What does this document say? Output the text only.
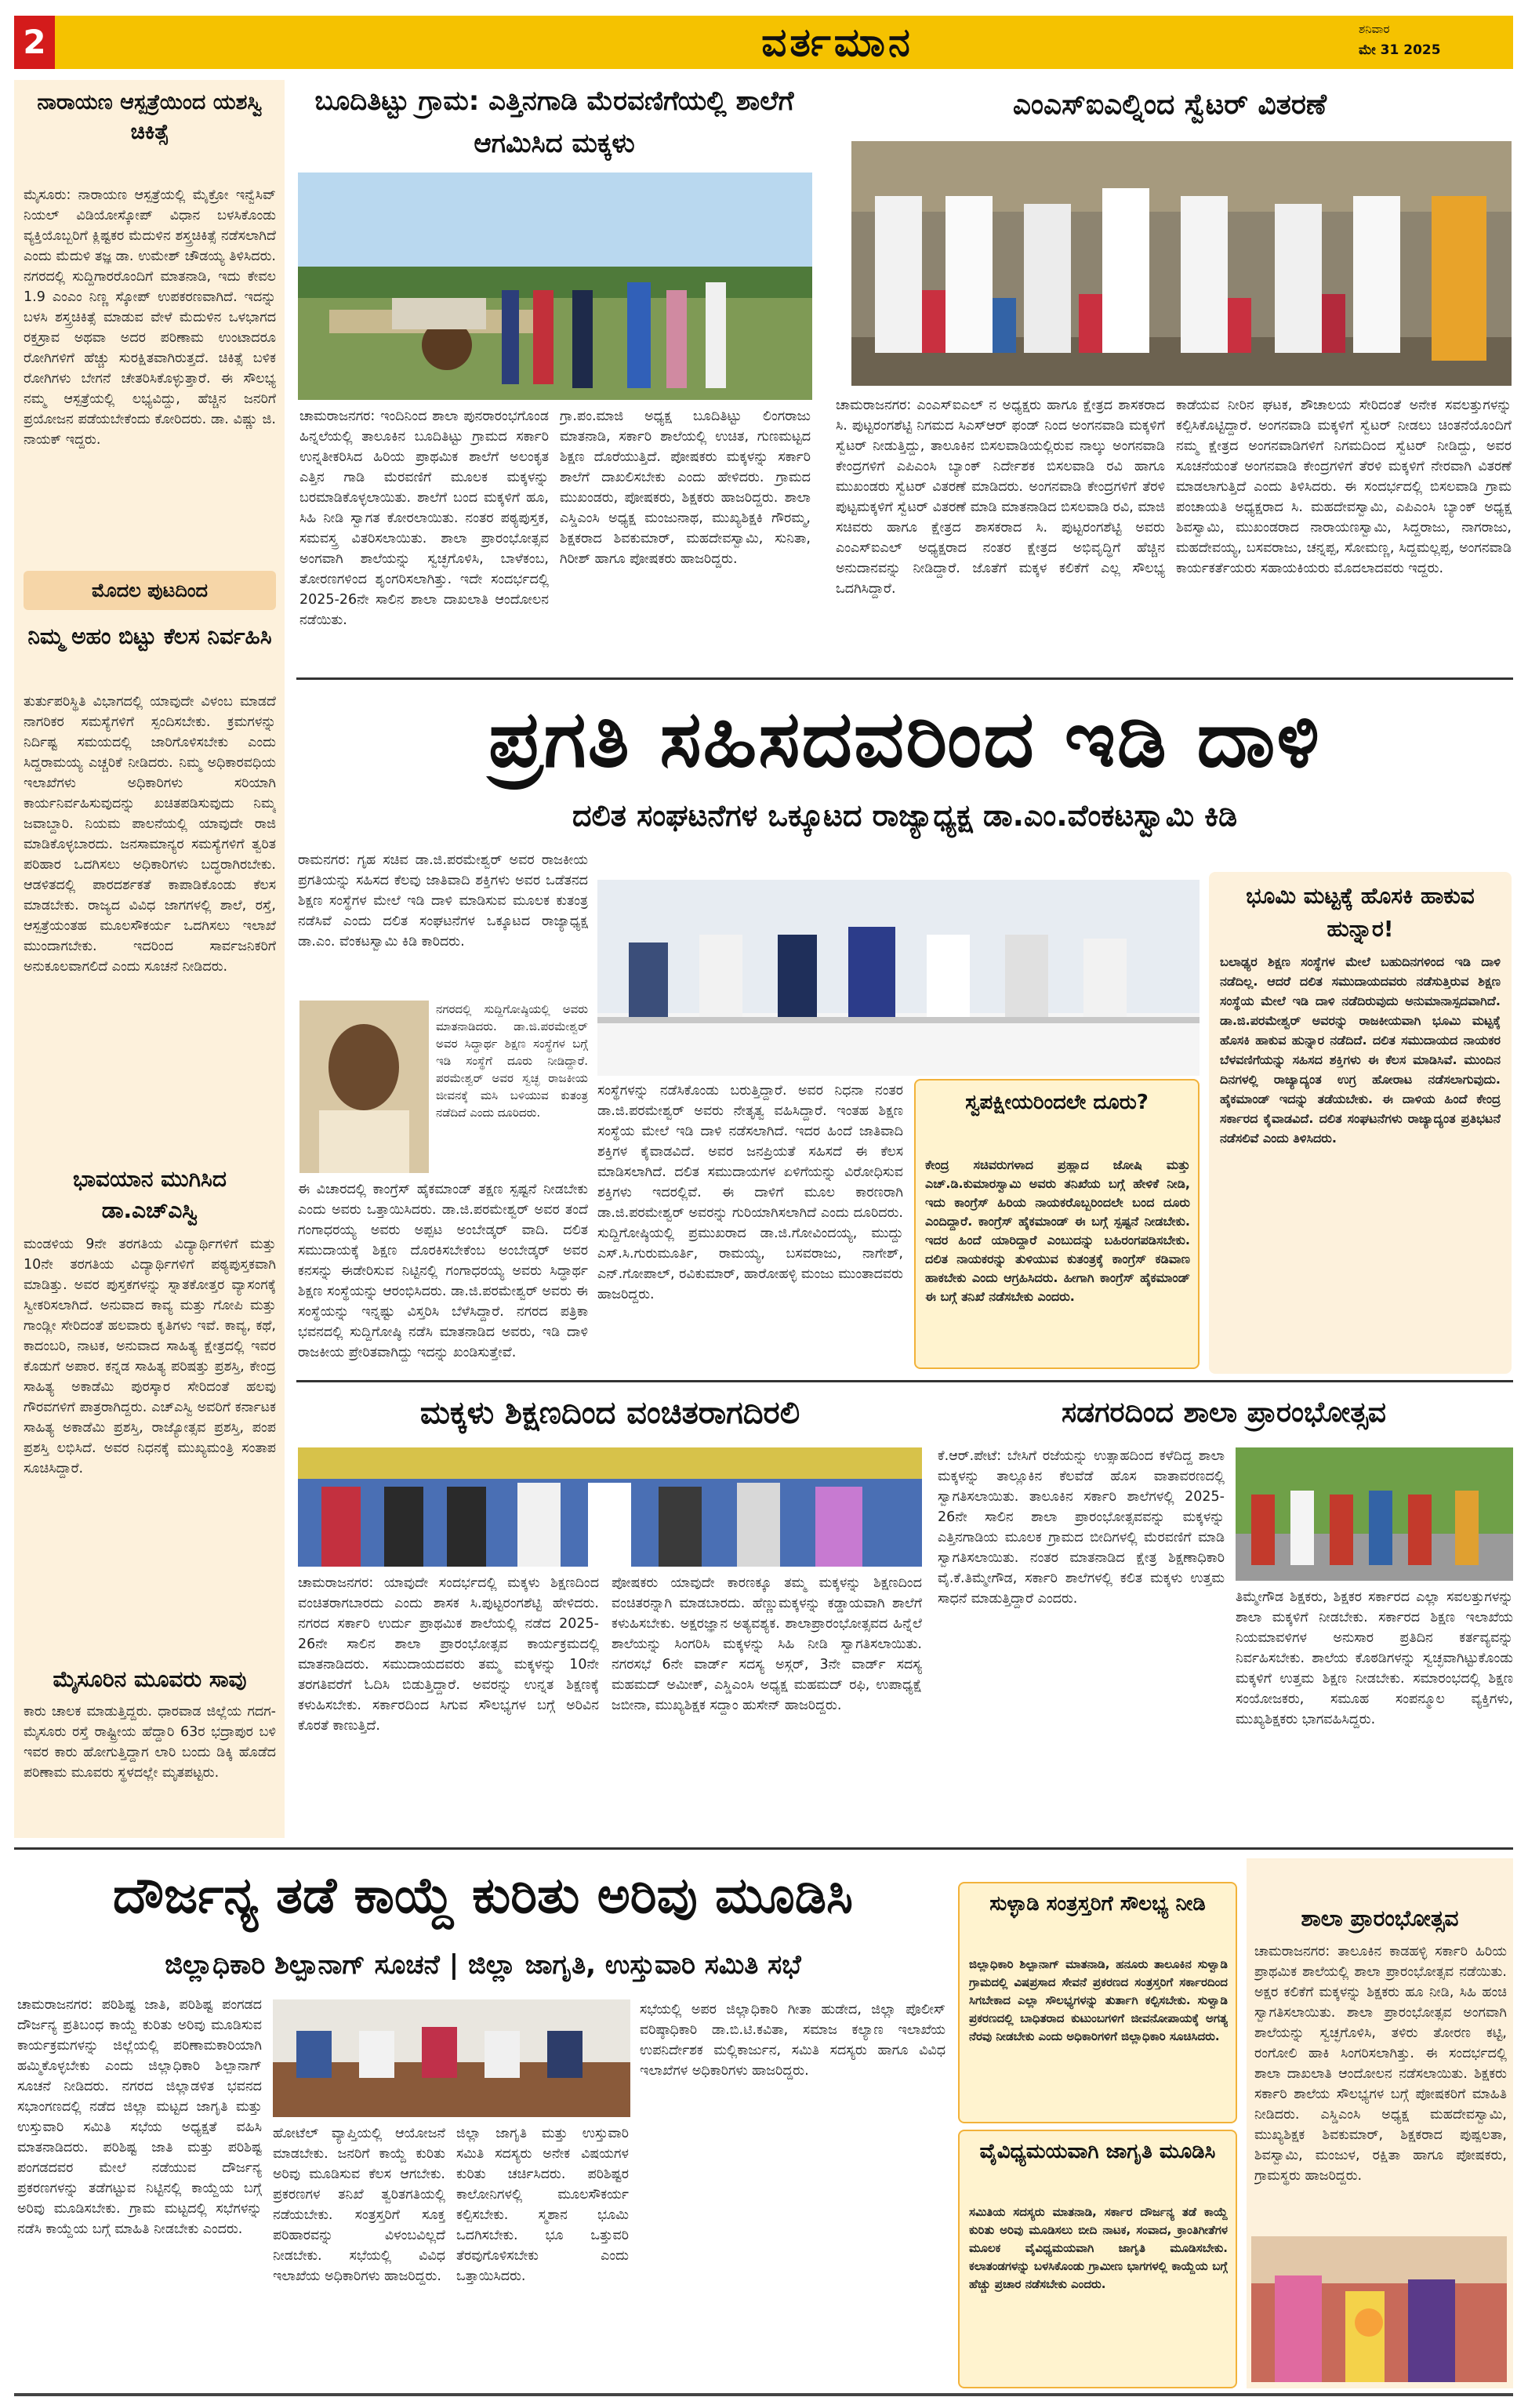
2	ವರ್ತಮಾನ	ಶನಿವಾರ
ಮೇ 31 2025
ನಾರಾಯಣ ಆಸ್ಪತ್ರೆಯಿಂದ ಯಶಸ್ವಿ ಚಿಕಿತ್ಸೆ
ಮೈಸೂರು: ನಾರಾಯಣ ಆಸ್ಪತ್ರೆಯಲ್ಲಿ ಮೈಕ್ರೋ ಇನ್ವೆಸಿವ್ ನಿಯಲ್ ವಿಡಿಯೋಸ್ಕೋಪ್ ವಿಧಾನ ಬಳಸಿಕೊಂಡು ವ್ಯಕ್ತಿಯೊಬ್ಬರಿಗೆ ಕ್ಲಿಷ್ಟಕರ ಮೆದುಳಿನ ಶಸ್ತ್ರಚಿಕಿತ್ಸೆ ನಡೆಸಲಾಗಿದೆ ಎಂದು ಮೆದುಳಿ ತಜ್ಞ ಡಾ. ಉಮೇಶ್ ಚೌಡಯ್ಯ ತಿಳಿಸಿದರು. ನಗರದಲ್ಲಿ ಸುದ್ದಿಗಾರರೊಂದಿಗೆ ಮಾತನಾಡಿ, ಇದು ಕೇವಲ 1.9 ಎಂಎಂ ನಿಣ್ಣ ಸ್ಕೋಪ್ ಉಪಕರಣವಾಗಿದೆ. ಇದನ್ನು ಬಳಸಿ ಶಸ್ತ್ರಚಿಕಿತ್ಸೆ ಮಾಡುವ ವೇಳೆ ಮೆದುಳಿನ ಒಳಭಾಗದ ರಕ್ತಸ್ರಾವ ಅಥವಾ ಅದರ ಪರಿಣಾಮ ಉಂಟಾದರೂ ರೋಗಿಗಳಿಗೆ ಹೆಚ್ಚು ಸುರಕ್ಷಿತವಾಗಿರುತ್ತದೆ. ಚಿಕಿತ್ಸೆ ಬಳಿಕ ರೋಗಿಗಳು ಬೇಗನೆ ಚೇತರಿಸಿಕೊಳ್ಳುತ್ತಾರೆ. ಈ ಸೌಲಭ್ಯ ನಮ್ಮ ಆಸ್ಪತ್ರೆಯಲ್ಲಿ ಲಭ್ಯವಿದ್ದು, ಹೆಚ್ಚಿನ ಜನರಿಗೆ ಪ್ರಯೋಜನ ಪಡೆಯಬೇಕೆಂದು ಕೋರಿದರು. ಡಾ. ವಿಷ್ಣು ಜಿ. ನಾಯಕ್ ಇದ್ದರು.
ಮೊದಲ ಪುಟದಿಂದ
ನಿಮ್ಮ ಅಹಂ ಬಿಟ್ಟು ಕೆಲಸ ನಿರ್ವಹಿಸಿ
ತುರ್ತುಪರಿಸ್ಥಿತಿ ವಿಭಾಗದಲ್ಲಿ ಯಾವುದೇ ವಿಳಂಬ ಮಾಡದೆ ನಾಗರಿಕರ ಸಮಸ್ಯೆಗಳಿಗೆ ಸ್ಪಂದಿಸಬೇಕು. ಕ್ರಮಗಳನ್ನು ನಿರ್ದಿಷ್ಟ ಸಮಯದಲ್ಲಿ ಜಾರಿಗೊಳಿಸಬೇಕು ಎಂದು ಸಿದ್ದರಾಮಯ್ಯ ಎಚ್ಚರಿಕೆ ನೀಡಿದರು. ನಿಮ್ಮ ಅಧಿಕಾರವಧಿಯ ಇಲಾಖೆಗಳು ಅಧಿಕಾರಿಗಳು ಸರಿಯಾಗಿ ಕಾರ್ಯನಿರ್ವಹಿಸುವುದನ್ನು ಖಚಿತಪಡಿಸುವುದು ನಿಮ್ಮ ಜವಾಬ್ದಾರಿ. ನಿಯಮ ಪಾಲನೆಯಲ್ಲಿ ಯಾವುದೇ ರಾಜಿ ಮಾಡಿಕೊಳ್ಳಬಾರದು. ಜನಸಾಮಾನ್ಯರ ಸಮಸ್ಯೆಗಳಿಗೆ ತ್ವರಿತ ಪರಿಹಾರ ಒದಗಿಸಲು ಅಧಿಕಾರಿಗಳು ಬದ್ಧರಾಗಿರಬೇಕು. ಆಡಳಿತದಲ್ಲಿ ಪಾರದರ್ಶಕತೆ ಕಾಪಾಡಿಕೊಂಡು ಕೆಲಸ ಮಾಡಬೇಕು. ರಾಜ್ಯದ ವಿವಿಧ ಜಾಗಗಳಲ್ಲಿ ಶಾಲೆ, ರಸ್ತೆ, ಆಸ್ಪತ್ರೆಯಂತಹ ಮೂಲಸೌಕರ್ಯ ಒದಗಿಸಲು ಇಲಾಖೆ ಮುಂದಾಗಬೇಕು. ಇದರಿಂದ ಸಾರ್ವಜನಿಕರಿಗೆ ಅನುಕೂಲವಾಗಲಿದೆ ಎಂದು ಸೂಚನೆ ನೀಡಿದರು.
ಭಾವಯಾನ ಮುಗಿಸಿದ ಡಾ.ಎಚ್ಎಸ್ವಿ
ಮಂಡಳಿಯ 9ನೇ ತರಗತಿಯ ವಿದ್ಯಾರ್ಥಿಗಳಿಗೆ ಮತ್ತು 10ನೇ ತರಗತಿಯ ವಿದ್ಯಾರ್ಥಿಗಳಿಗೆ ಪಠ್ಯಪುಸ್ತಕವಾಗಿ ಮಾಡಿತ್ತು. ಅವರ ಪುಸ್ತಕಗಳನ್ನು ಸ್ನಾತಕೋತ್ತರ ವ್ಯಾಸಂಗಕ್ಕೆ ಸ್ವೀಕರಿಸಲಾಗಿದೆ. ಅನುವಾದ ಕಾವ್ಯ ಮತ್ತು ಗೋಪಿ ಮತ್ತು ಗಾಂಡ್ಲೀ ಸೇರಿದಂತೆ ಹಲವಾರು ಕೃತಿಗಳು ಇವೆ. ಕಾವ್ಯ, ಕಥೆ, ಕಾದಂಬರಿ, ನಾಟಕ, ಅನುವಾದ ಸಾಹಿತ್ಯ ಕ್ಷೇತ್ರದಲ್ಲಿ ಇವರ ಕೊಡುಗೆ ಅಪಾರ. ಕನ್ನಡ ಸಾಹಿತ್ಯ ಪರಿಷತ್ತು ಪ್ರಶಸ್ತಿ, ಕೇಂದ್ರ ಸಾಹಿತ್ಯ ಅಕಾಡೆಮಿ ಪುರಸ್ಕಾರ ಸೇರಿದಂತೆ ಹಲವು ಗೌರವಗಳಿಗೆ ಪಾತ್ರರಾಗಿದ್ದರು. ಎಚ್ಎಸ್ವಿ ಅವರಿಗೆ ಕರ್ನಾಟಕ ಸಾಹಿತ್ಯ ಅಕಾಡೆಮಿ ಪ್ರಶಸ್ತಿ, ರಾಜ್ಯೋತ್ಸವ ಪ್ರಶಸ್ತಿ, ಪಂಪ ಪ್ರಶಸ್ತಿ ಲಭಿಸಿದೆ. ಅವರ ನಿಧನಕ್ಕೆ ಮುಖ್ಯಮಂತ್ರಿ ಸಂತಾಪ ಸೂಚಿಸಿದ್ದಾರೆ.
ಮೈಸೂರಿನ ಮೂವರು ಸಾವು
ಕಾರು ಚಾಲಕ ಮಾಡುತ್ತಿದ್ದರು. ಧಾರವಾಡ ಜಿಲ್ಲೆಯ ಗದಗ-ಮೈಸೂರು ರಸ್ತೆ ರಾಷ್ಟ್ರೀಯ ಹೆದ್ದಾರಿ 63ರ ಭದ್ರಾಪುರ ಬಳಿ ಇವರ ಕಾರು ಹೋಗುತ್ತಿದ್ದಾಗ ಲಾರಿ ಬಂದು ಡಿಕ್ಕಿ ಹೊಡೆದ ಪರಿಣಾಮ ಮೂವರು ಸ್ಥಳದಲ್ಲೇ ಮೃತಪಟ್ಟರು.
ಬೂದಿತಿಟ್ಟು ಗ್ರಾಮ: ಎತ್ತಿನಗಾಡಿ ಮೆರವಣಿಗೆಯಲ್ಲಿ ಶಾಲೆಗೆ ಆಗಮಿಸಿದ ಮಕ್ಕಳು
ಚಾಮರಾಜನಗರ: ಇಂದಿನಿಂದ ಶಾಲಾ ಪುನರಾರಂಭಗೊಂಡ ಹಿನ್ನಲೆಯಲ್ಲಿ ತಾಲೂಕಿನ ಬೂದಿತಿಟ್ಟು ಗ್ರಾಮದ ಸರ್ಕಾರಿ ಉನ್ನತೀಕರಿಸಿದ ಹಿರಿಯ ಪ್ರಾಥಮಿಕ ಶಾಲೆಗೆ ಅಲಂಕೃತ ಎತ್ತಿನ ಗಾಡಿ ಮೆರವಣಿಗೆ ಮೂಲಕ ಮಕ್ಕಳನ್ನು ಬರಮಾಡಿಕೊಳ್ಳಲಾಯಿತು. ಶಾಲೆಗೆ ಬಂದ ಮಕ್ಕಳಿಗೆ ಹೂ, ಸಿಹಿ ನೀಡಿ ಸ್ವಾಗತ ಕೋರಲಾಯಿತು. ನಂತರ ಪಠ್ಯಪುಸ್ತಕ, ಸಮವಸ್ತ್ರ ವಿತರಿಸಲಾಯಿತು. ಶಾಲಾ ಪ್ರಾರಂಭೋತ್ಸವ ಅಂಗವಾಗಿ ಶಾಲೆಯನ್ನು ಸ್ವಚ್ಛಗೊಳಿಸಿ, ಬಾಳೆಕಂಬ, ತೋರಣಗಳಿಂದ ಶೃಂಗರಿಸಲಾಗಿತ್ತು. ಇದೇ ಸಂದರ್ಭದಲ್ಲಿ 2025-26ನೇ ಸಾಲಿನ ಶಾಲಾ ದಾಖಲಾತಿ ಆಂದೋಲನ ನಡೆಯಿತು.
ಗ್ರಾ.ಪಂ.ಮಾಜಿ ಅಧ್ಯಕ್ಷ ಬೂದಿತಿಟ್ಟು ಲಿಂಗರಾಜು ಮಾತನಾಡಿ, ಸರ್ಕಾರಿ ಶಾಲೆಯಲ್ಲಿ ಉಚಿತ, ಗುಣಮಟ್ಟದ ಶಿಕ್ಷಣ ದೊರೆಯುತ್ತಿದೆ. ಪೋಷಕರು ಮಕ್ಕಳನ್ನು ಸರ್ಕಾರಿ ಶಾಲೆಗೆ ದಾಖಲಿಸಬೇಕು ಎಂದು ಹೇಳಿದರು. ಗ್ರಾಮದ ಮುಖಂಡರು, ಪೋಷಕರು, ಶಿಕ್ಷಕರು ಹಾಜರಿದ್ದರು. ಶಾಲಾ ಎಸ್ಡಿಎಂಸಿ ಅಧ್ಯಕ್ಷ ಮಂಜುನಾಥ, ಮುಖ್ಯಶಿಕ್ಷಕಿ ಗೌರಮ್ಮ, ಶಿಕ್ಷಕರಾದ ಶಿವಕುಮಾರ್, ಮಹದೇವಸ್ವಾಮಿ, ಸುನಿತಾ, ಗಿರೀಶ್ ಹಾಗೂ ಪೋಷಕರು ಹಾಜರಿದ್ದರು.
ಎಂಎಸ್ಐಎಲ್ನಿಂದ ಸ್ವೆಟರ್ ವಿತರಣೆ
ಚಾಮರಾಜನಗರ: ಎಂಎಸ್ಐಎಲ್ ನ ಅಧ್ಯಕ್ಷರು ಹಾಗೂ ಕ್ಷೇತ್ರದ ಶಾಸಕರಾದ ಸಿ. ಪುಟ್ಟರಂಗಶೆಟ್ಟಿ ನಿಗಮದ ಸಿಎಸ್ಆರ್ ಫಂಡ್ ನಿಂದ ಅಂಗನವಾಡಿ ಮಕ್ಕಳಿಗೆ ಸ್ವೆಟರ್ ನೀಡುತ್ತಿದ್ದು, ತಾಲೂಕಿನ ಬಿಸಲವಾಡಿಯಲ್ಲಿರುವ ನಾಲ್ಕು ಅಂಗನವಾಡಿ ಕೇಂದ್ರಗಳಿಗೆ ಎಪಿಎಂಸಿ ಬ್ಯಾಂಕ್ ನಿರ್ದೇಶಕ ಬಿಸಲವಾಡಿ ರವಿ ಹಾಗೂ ಮುಖಂಡರು ಸ್ವೆಟರ್ ವಿತರಣೆ ಮಾಡಿದರು. ಅಂಗನವಾಡಿ ಕೇಂದ್ರಗಳಿಗೆ ತೆರಳಿ ಪುಟ್ಟಮಕ್ಕಳಿಗೆ ಸ್ವೆಟರ್ ವಿತರಣೆ ಮಾಡಿ ಮಾತನಾಡಿದ ಬಿಸಲವಾಡಿ ರವಿ, ಮಾಜಿ ಸಚಿವರು ಹಾಗೂ ಕ್ಷೇತ್ರದ ಶಾಸಕರಾದ ಸಿ. ಪುಟ್ಟರಂಗಶೆಟ್ಟಿ ಅವರು ಎಂಎಸ್ಐಎಲ್ ಅಧ್ಯಕ್ಷರಾದ ನಂತರ ಕ್ಷೇತ್ರದ ಅಭಿವೃದ್ಧಿಗೆ ಹೆಚ್ಚಿನ ಅನುದಾನವನ್ನು ನೀಡಿದ್ದಾರೆ. ಜೊತೆಗೆ ಮಕ್ಕಳ ಕಲಿಕೆಗೆ ಎಲ್ಲ ಸೌಲಭ್ಯ ಒದಗಿಸಿದ್ದಾರೆ.
ಕಾಡೆಯವ ನೀರಿನ ಘಟಕ, ಶೌಚಾಲಯ ಸೇರಿದಂತೆ ಅನೇಕ ಸವಲತ್ತುಗಳನ್ನು ಕಲ್ಪಿಸಿಕೊಟ್ಟಿದ್ದಾರೆ. ಅಂಗನವಾಡಿ ಮಕ್ಕಳಿಗೆ ಸ್ವೆಟರ್ ನೀಡಲು ಚಿಂತನೆಯೊಂದಿಗೆ ನಮ್ಮ ಕ್ಷೇತ್ರದ ಅಂಗನವಾಡಿಗಳಿಗೆ ನಿಗಮದಿಂದ ಸ್ವೆಟರ್ ನೀಡಿದ್ದು, ಅವರ ಸೂಚನೆಯಂತೆ ಅಂಗನವಾಡಿ ಕೇಂದ್ರಗಳಿಗೆ ತೆರಳಿ ಮಕ್ಕಳಿಗೆ ನೇರವಾಗಿ ವಿತರಣೆ ಮಾಡಲಾಗುತ್ತಿದೆ ಎಂದು ತಿಳಿಸಿದರು. ಈ ಸಂದರ್ಭದಲ್ಲಿ ಬಿಸಲವಾಡಿ ಗ್ರಾಮ ಪಂಚಾಯತಿ ಅಧ್ಯಕ್ಷರಾದ ಸಿ. ಮಹದೇವಸ್ವಾಮಿ, ಎಪಿಎಂಸಿ ಬ್ಯಾಂಕ್ ಅಧ್ಯಕ್ಷ ಶಿವಸ್ವಾಮಿ, ಮುಖಂಡರಾದ ನಾರಾಯಣಸ್ವಾಮಿ, ಸಿದ್ದರಾಜು, ನಾಗರಾಜು, ಮಹದೇವಯ್ಯ, ಬಸವರಾಜು, ಚನ್ನಪ್ಪ, ಸೋಮಣ್ಣ, ಸಿದ್ದಮಲ್ಲಪ್ಪ, ಅಂಗನವಾಡಿ ಕಾರ್ಯಕರ್ತೆಯರು ಸಹಾಯಕಿಯರು ಮೊದಲಾದವರು ಇದ್ದರು.
ಪ್ರಗತಿ ಸಹಿಸದವರಿಂದ ಇಡಿ ದಾಳಿ
ದಲಿತ ಸಂಘಟನೆಗಳ ಒಕ್ಕೂಟದ ರಾಜ್ಯಾಧ್ಯಕ್ಷ ಡಾ.ಎಂ.ವೆಂಕಟಸ್ವಾಮಿ ಕಿಡಿ
ರಾಮನಗರ: ಗೃಹ ಸಚಿವ ಡಾ.ಜಿ.ಪರಮೇಶ್ವರ್ ಅವರ ರಾಜಕೀಯ ಪ್ರಗತಿಯನ್ನು ಸಹಿಸದ ಕೆಲವು ಜಾತಿವಾದಿ ಶಕ್ತಿಗಳು ಅವರ ಒಡೆತನದ ಶಿಕ್ಷಣ ಸಂಸ್ಥೆಗಳ ಮೇಲೆ ಇಡಿ ದಾಳಿ ಮಾಡಿಸುವ ಮೂಲಕ ಕುತಂತ್ರ ನಡೆಸಿವೆ ಎಂದು ದಲಿತ ಸಂಘಟನೆಗಳ ಒಕ್ಕೂಟದ ರಾಜ್ಯಾಧ್ಯಕ್ಷ ಡಾ.ಎಂ. ವೆಂಕಟಸ್ವಾಮಿ ಕಿಡಿ ಕಾರಿದರು.
ನಗರದಲ್ಲಿ ಸುದ್ದಿಗೋಷ್ಠಿಯಲ್ಲಿ ಅವರು ಮಾತನಾಡಿದರು. ಡಾ.ಜಿ.ಪರಮೇಶ್ವರ್ ಅವರ ಸಿದ್ಧಾರ್ಥ ಶಿಕ್ಷಣ ಸಂಸ್ಥೆಗಳ ಬಗ್ಗೆ ಇಡಿ ಸಂಸ್ಥೆಗೆ ದೂರು ನೀಡಿದ್ದಾರೆ. ಪರಮೇಶ್ವರ್ ಅವರ ಸ್ವಚ್ಛ ರಾಜಕೀಯ ಜೀವನಕ್ಕೆ ಮಸಿ ಬಳಿಯುವ ಕುತಂತ್ರ ನಡೆದಿದೆ ಎಂದು ದೂರಿದರು.
ಈ ವಿಚಾರದಲ್ಲಿ ಕಾಂಗ್ರೆಸ್ ಹೈಕಮಾಂಡ್ ತಕ್ಷಣ ಸ್ಪಷ್ಟನೆ ನೀಡಬೇಕು ಎಂದು ಅವರು ಒತ್ತಾಯಿಸಿದರು. ಡಾ.ಜಿ.ಪರಮೇಶ್ವರ್ ಅವರ ತಂದೆ ಗಂಗಾಧರಯ್ಯ ಅವರು ಅಪ್ಪಟ ಅಂಬೇಡ್ಕರ್ ವಾದಿ. ದಲಿತ ಸಮುದಾಯಕ್ಕೆ ಶಿಕ್ಷಣ ದೊರಕಿಸಬೇಕೆಂಬ ಅಂಬೇಡ್ಕರ್ ಅವರ ಕನಸನ್ನು ಈಡೇರಿಸುವ ನಿಟ್ಟಿನಲ್ಲಿ ಗಂಗಾಧರಯ್ಯ ಅವರು ಸಿದ್ಧಾರ್ಥ ಶಿಕ್ಷಣ ಸಂಸ್ಥೆಯನ್ನು ಆರಂಭಿಸಿದರು. ಡಾ.ಜಿ.ಪರಮೇಶ್ವರ್ ಅವರು ಈ ಸಂಸ್ಥೆಯನ್ನು ಇನ್ನಷ್ಟು ವಿಸ್ತರಿಸಿ ಬೆಳೆಸಿದ್ದಾರೆ. ನಗರದ ಪತ್ರಿಕಾ ಭವನದಲ್ಲಿ ಸುದ್ದಿಗೋಷ್ಠಿ ನಡೆಸಿ ಮಾತನಾಡಿದ ಅವರು, ಇಡಿ ದಾಳಿ ರಾಜಕೀಯ ಪ್ರೇರಿತವಾಗಿದ್ದು ಇದನ್ನು ಖಂಡಿಸುತ್ತೇವೆ.
ಸಂಸ್ಥೆಗಳನ್ನು ನಡೆಸಿಕೊಂಡು ಬರುತ್ತಿದ್ದಾರೆ. ಅವರ ನಿಧನಾ ನಂತರ ಡಾ.ಜಿ.ಪರಮೇಶ್ವರ್ ಅವರು ನೇತೃತ್ವ ವಹಿಸಿದ್ದಾರೆ. ಇಂತಹ ಶಿಕ್ಷಣ ಸಂಸ್ಥೆಯ ಮೇಲೆ ಇಡಿ ದಾಳಿ ನಡೆಸಲಾಗಿದೆ. ಇದರ ಹಿಂದೆ ಜಾತಿವಾದಿ ಶಕ್ತಿಗಳ ಕೈವಾಡವಿದೆ. ಅವರ ಜನಪ್ರಿಯತೆ ಸಹಿಸದೆ ಈ ಕೆಲಸ ಮಾಡಿಸಲಾಗಿದೆ. ದಲಿತ ಸಮುದಾಯಗಳ ಏಳಿಗೆಯನ್ನು ವಿರೋಧಿಸುವ ಶಕ್ತಿಗಳು ಇದರಲ್ಲಿವೆ. ಈ ದಾಳಿಗೆ ಮೂಲ ಕಾರಣರಾಗಿ ಡಾ.ಜಿ.ಪರಮೇಶ್ವರ್ ಅವರನ್ನು ಗುರಿಯಾಗಿಸಲಾಗಿದೆ ಎಂದು ದೂರಿದರು. ಸುದ್ದಿಗೋಷ್ಠಿಯಲ್ಲಿ ಪ್ರಮುಖರಾದ ಡಾ.ಜಿ.ಗೋವಿಂದಯ್ಯ, ಮುದ್ದು ಎಸ್.ಸಿ.ಗುರುಮೂರ್ತಿ, ರಾಮಯ್ಯ, ಬಸವರಾಜು, ನಾಗೇಶ್, ಎನ್.ಗೋಪಾಲ್, ರವಿಕುಮಾರ್, ಹಾರೋಹಳ್ಳಿ ಮಂಜು ಮುಂತಾದವರು ಹಾಜರಿದ್ದರು.
ಸ್ವಪಕ್ಷೀಯರಿಂದಲೇ ದೂರು?
ಕೇಂದ್ರ ಸಚಿವರುಗಳಾದ ಪ್ರಹ್ಲಾದ ಜೋಷಿ ಮತ್ತು ಎಚ್.ಡಿ.ಕುಮಾರಸ್ವಾಮಿ ಅವರು ತನಿಖೆಯ ಬಗ್ಗೆ ಹೇಳಿಕೆ ನೀಡಿ, ಇದು ಕಾಂಗ್ರೆಸ್ ಹಿರಿಯ ನಾಯಕರೊಬ್ಬರಿಂದಲೇ ಬಂದ ದೂರು ಎಂದಿದ್ದಾರೆ. ಕಾಂಗ್ರೆಸ್ ಹೈಕಮಾಂಡ್ ಈ ಬಗ್ಗೆ ಸ್ಪಷ್ಟನೆ ನೀಡಬೇಕು. ಇದರ ಹಿಂದೆ ಯಾರಿದ್ದಾರೆ ಎಂಬುದನ್ನು ಬಹಿರಂಗಪಡಿಸಬೇಕು. ದಲಿತ ನಾಯಕರನ್ನು ತುಳಿಯುವ ಕುತಂತ್ರಕ್ಕೆ ಕಾಂಗ್ರೆಸ್ ಕಡಿವಾಣ ಹಾಕಬೇಕು ಎಂದು ಆಗ್ರಹಿಸಿದರು. ಹೀಗಾಗಿ ಕಾಂಗ್ರೆಸ್ ಹೈಕಮಾಂಡ್ ಈ ಬಗ್ಗೆ ತನಿಖೆ ನಡೆಸಬೇಕು ಎಂದರು.
ಭೂಮಿ ಮಟ್ಟಕ್ಕೆ ಹೊಸಕಿ ಹಾಕುವ ಹುನ್ನಾರ!
ಬಲಾಢ್ಯರ ಶಿಕ್ಷಣ ಸಂಸ್ಥೆಗಳ ಮೇಲೆ ಬಹುದಿನಗಳಿಂದ ಇಡಿ ದಾಳಿ ನಡೆದಿಲ್ಲ. ಆದರೆ ದಲಿತ ಸಮುದಾಯದವರು ನಡೆಸುತ್ತಿರುವ ಶಿಕ್ಷಣ ಸಂಸ್ಥೆಯ ಮೇಲೆ ಇಡಿ ದಾಳಿ ನಡೆದಿರುವುದು ಅನುಮಾನಾಸ್ಪದವಾಗಿದೆ. ಡಾ.ಜಿ.ಪರಮೇಶ್ವರ್ ಅವರನ್ನು ರಾಜಕೀಯವಾಗಿ ಭೂಮಿ ಮಟ್ಟಕ್ಕೆ ಹೊಸಕಿ ಹಾಕುವ ಹುನ್ನಾರ ನಡೆದಿದೆ. ದಲಿತ ಸಮುದಾಯದ ನಾಯಕರ ಬೆಳವಣಿಗೆಯನ್ನು ಸಹಿಸದ ಶಕ್ತಿಗಳು ಈ ಕೆಲಸ ಮಾಡಿಸಿವೆ. ಮುಂದಿನ ದಿನಗಳಲ್ಲಿ ರಾಜ್ಯಾದ್ಯಂತ ಉಗ್ರ ಹೋರಾಟ ನಡೆಸಲಾಗುವುದು. ಹೈಕಮಾಂಡ್ ಇದನ್ನು ತಡೆಯಬೇಕು. ಈ ದಾಳಿಯ ಹಿಂದೆ ಕೇಂದ್ರ ಸರ್ಕಾರದ ಕೈವಾಡವಿದೆ. ದಲಿತ ಸಂಘಟನೆಗಳು ರಾಜ್ಯಾದ್ಯಂತ ಪ್ರತಿಭಟನೆ ನಡೆಸಲಿವೆ ಎಂದು ತಿಳಿಸಿದರು.
ಮಕ್ಕಳು ಶಿಕ್ಷಣದಿಂದ ವಂಚಿತರಾಗದಿರಲಿ
ಚಾಮರಾಜನಗರ: ಯಾವುದೇ ಸಂದರ್ಭದಲ್ಲಿ ಮಕ್ಕಳು ಶಿಕ್ಷಣದಿಂದ ವಂಚಿತರಾಗಬಾರದು ಎಂದು ಶಾಸಕ ಸಿ.ಪುಟ್ಟರಂಗಶೆಟ್ಟಿ ಹೇಳಿದರು. ನಗರದ ಸರ್ಕಾರಿ ಉರ್ದು ಪ್ರಾಥಮಿಕ ಶಾಲೆಯಲ್ಲಿ ನಡೆದ 2025-26ನೇ ಸಾಲಿನ ಶಾಲಾ ಪ್ರಾರಂಭೋತ್ಸವ ಕಾರ್ಯಕ್ರಮದಲ್ಲಿ ಮಾತನಾಡಿದರು. ಸಮುದಾಯದವರು ತಮ್ಮ ಮಕ್ಕಳನ್ನು 10ನೇ ತರಗತಿವರೆಗೆ ಓದಿಸಿ ಬಿಡುತ್ತಿದ್ದಾರೆ. ಅವರನ್ನು ಉನ್ನತ ಶಿಕ್ಷಣಕ್ಕೆ ಕಳುಹಿಸಬೇಕು. ಸರ್ಕಾರದಿಂದ ಸಿಗುವ ಸೌಲಭ್ಯಗಳ ಬಗ್ಗೆ ಅರಿವಿನ ಕೊರತೆ ಕಾಣುತ್ತಿದೆ.
ಪೋಷಕರು ಯಾವುದೇ ಕಾರಣಕ್ಕೂ ತಮ್ಮ ಮಕ್ಕಳನ್ನು ಶಿಕ್ಷಣದಿಂದ ವಂಚಿತರನ್ನಾಗಿ ಮಾಡಬಾರದು. ಹೆಣ್ಣುಮಕ್ಕಳನ್ನು ಕಡ್ಡಾಯವಾಗಿ ಶಾಲೆಗೆ ಕಳುಹಿಸಬೇಕು. ಅಕ್ಷರಜ್ಞಾನ ಅತ್ಯವಶ್ಯಕ. ಶಾಲಾಪ್ರಾರಂಭೋತ್ಸವದ ಹಿನ್ನೆಲೆ ಶಾಲೆಯನ್ನು ಸಿಂಗರಿಸಿ ಮಕ್ಕಳನ್ನು ಸಿಹಿ ನೀಡಿ ಸ್ವಾಗತಿಸಲಾಯಿತು. ನಗರಸಭೆ 6ನೇ ವಾರ್ಡ್ ಸದಸ್ಯ ಅಸ್ಗರ್, 3ನೇ ವಾರ್ಡ್ ಸದಸ್ಯ ಮಹಮದ್ ಅಮೀಕ್, ಎಸ್ಡಿಎಂಸಿ ಅಧ್ಯಕ್ಷ ಮಹಮದ್ ರಫಿ, ಉಪಾಧ್ಯಕ್ಷೆ ಜಬೀನಾ, ಮುಖ್ಯಶಿಕ್ಷಕ ಸದ್ದಾಂ ಹುಸೇನ್ ಹಾಜರಿದ್ದರು.
ಸಡಗರದಿಂದ ಶಾಲಾ ಪ್ರಾರಂಭೋತ್ಸವ
ಕೆ.ಆರ್.ಪೇಟೆ: ಬೇಸಿಗೆ ರಜೆಯನ್ನು ಉತ್ಸಾಹದಿಂದ ಕಳೆದಿದ್ದ ಶಾಲಾ ಮಕ್ಕಳನ್ನು ತಾಲ್ಲೂಕಿನ ಕೆಲವೆಡೆ ಹೊಸ ವಾತಾವರಣದಲ್ಲಿ ಸ್ವಾಗತಿಸಲಾಯಿತು. ತಾಲೂಕಿನ ಸರ್ಕಾರಿ ಶಾಲೆಗಳಲ್ಲಿ 2025-26ನೇ ಸಾಲಿನ ಶಾಲಾ ಪ್ರಾರಂಭೋತ್ಸವವನ್ನು ಮಕ್ಕಳನ್ನು ಎತ್ತಿನಗಾಡಿಯ ಮೂಲಕ ಗ್ರಾಮದ ಬೀದಿಗಳಲ್ಲಿ ಮೆರವಣಿಗೆ ಮಾಡಿ ಸ್ವಾಗತಿಸಲಾಯಿತು. ನಂತರ ಮಾತನಾಡಿದ ಕ್ಷೇತ್ರ ಶಿಕ್ಷಣಾಧಿಕಾರಿ ವೈ.ಕೆ.ತಿಮ್ಮೇಗೌಡ, ಸರ್ಕಾರಿ ಶಾಲೆಗಳಲ್ಲಿ ಕಲಿತ ಮಕ್ಕಳು ಉತ್ತಮ ಸಾಧನೆ ಮಾಡುತ್ತಿದ್ದಾರೆ ಎಂದರು.	ತಿಮ್ಮೇಗೌಡ ಶಿಕ್ಷಕರು, ಶಿಕ್ಷಕರ ಸರ್ಕಾರದ ಎಲ್ಲಾ ಸವಲತ್ತುಗಳನ್ನು ಶಾಲಾ ಮಕ್ಕಳಿಗೆ ನೀಡಬೇಕು. ಸರ್ಕಾರದ ಶಿಕ್ಷಣ ಇಲಾಖೆಯ ನಿಯಮಾವಳಿಗಳ ಅನುಸಾರ ಪ್ರತಿದಿನ ಕರ್ತವ್ಯವನ್ನು ನಿರ್ವಹಿಸಬೇಕು. ಶಾಲೆಯ ಕೊಠಡಿಗಳನ್ನು ಸ್ವಚ್ಛವಾಗಿಟ್ಟುಕೊಂಡು ಮಕ್ಕಳಿಗೆ ಉತ್ತಮ ಶಿಕ್ಷಣ ನೀಡಬೇಕು. ಸಮಾರಂಭದಲ್ಲಿ ಶಿಕ್ಷಣ ಸಂಯೋಜಕರು, ಸಮೂಹ ಸಂಪನ್ಮೂಲ ವ್ಯಕ್ತಿಗಳು, ಮುಖ್ಯಶಿಕ್ಷಕರು ಭಾಗವಹಿಸಿದ್ದರು.
ದೌರ್ಜನ್ಯ ತಡೆ ಕಾಯ್ದೆ ಕುರಿತು ಅರಿವು ಮೂಡಿಸಿ
ಜಿಲ್ಲಾಧಿಕಾರಿ ಶಿಲ್ಪಾನಾಗ್ ಸೂಚನೆ | ಜಿಲ್ಲಾ ಜಾಗೃತಿ, ಉಸ್ತುವಾರಿ ಸಮಿತಿ ಸಭೆ
ಚಾಮರಾಜನಗರ: ಪರಿಶಿಷ್ಟ ಜಾತಿ, ಪರಿಶಿಷ್ಟ ಪಂಗಡದ ದೌರ್ಜನ್ಯ ಪ್ರತಿಬಂಧ ಕಾಯ್ದೆ ಕುರಿತು ಅರಿವು ಮೂಡಿಸುವ ಕಾರ್ಯಕ್ರಮಗಳನ್ನು ಜಿಲ್ಲೆಯಲ್ಲಿ ಪರಿಣಾಮಕಾರಿಯಾಗಿ ಹಮ್ಮಿಕೊಳ್ಳಬೇಕು ಎಂದು ಜಿಲ್ಲಾಧಿಕಾರಿ ಶಿಲ್ಪಾನಾಗ್ ಸೂಚನೆ ನೀಡಿದರು. ನಗರದ ಜಿಲ್ಲಾಡಳಿತ ಭವನದ ಸಭಾಂಗಣದಲ್ಲಿ ನಡೆದ ಜಿಲ್ಲಾ ಮಟ್ಟದ ಜಾಗೃತಿ ಮತ್ತು ಉಸ್ತುವಾರಿ ಸಮಿತಿ ಸಭೆಯ ಅಧ್ಯಕ್ಷತೆ ವಹಿಸಿ ಮಾತನಾಡಿದರು. ಪರಿಶಿಷ್ಟ ಜಾತಿ ಮತ್ತು ಪರಿಶಿಷ್ಟ ಪಂಗಡದವರ ಮೇಲೆ ನಡೆಯುವ ದೌರ್ಜನ್ಯ ಪ್ರಕರಣಗಳನ್ನು ತಡೆಗಟ್ಟುವ ನಿಟ್ಟಿನಲ್ಲಿ ಕಾಯ್ದೆಯ ಬಗ್ಗೆ ಅರಿವು ಮೂಡಿಸಬೇಕು. ಗ್ರಾಮ ಮಟ್ಟದಲ್ಲಿ ಸಭೆಗಳನ್ನು ನಡೆಸಿ ಕಾಯ್ದೆಯ ಬಗ್ಗೆ ಮಾಹಿತಿ ನೀಡಬೇಕು ಎಂದರು.
ಹೋಟೆಲ್ ವ್ಯಾಪ್ತಿಯಲ್ಲಿ ಆಯೋಜನೆ ಮಾಡಬೇಕು. ಜನರಿಗೆ ಕಾಯ್ದೆ ಕುರಿತು ಅರಿವು ಮೂಡಿಸುವ ಕೆಲಸ ಆಗಬೇಕು. ಪ್ರಕರಣಗಳ ತನಿಖೆ ತ್ವರಿತಗತಿಯಲ್ಲಿ ನಡೆಯಬೇಕು. ಸಂತ್ರಸ್ತರಿಗೆ ಸೂಕ್ತ ಪರಿಹಾರವನ್ನು ವಿಳಂಬವಿಲ್ಲದೆ ನೀಡಬೇಕು. ಸಭೆಯಲ್ಲಿ ವಿವಿಧ ಇಲಾಖೆಯ ಅಧಿಕಾರಿಗಳು ಹಾಜರಿದ್ದರು.
ಜಿಲ್ಲಾ ಜಾಗೃತಿ ಮತ್ತು ಉಸ್ತುವಾರಿ ಸಮಿತಿ ಸದಸ್ಯರು ಅನೇಕ ವಿಷಯಗಳ ಕುರಿತು ಚರ್ಚಿಸಿದರು. ಪರಿಶಿಷ್ಟರ ಕಾಲೋನಿಗಳಲ್ಲಿ ಮೂಲಸೌಕರ್ಯ ಕಲ್ಪಿಸಬೇಕು. ಸ್ಮಶಾನ ಭೂಮಿ ಒದಗಿಸಬೇಕು. ಭೂ ಒತ್ತುವರಿ ತೆರವುಗೊಳಿಸಬೇಕು ಎಂದು ಒತ್ತಾಯಿಸಿದರು.
ಸಭೆಯಲ್ಲಿ ಅಪರ ಜಿಲ್ಲಾಧಿಕಾರಿ ಗೀತಾ ಹುಡೇದ, ಜಿಲ್ಲಾ ಪೊಲೀಸ್ ವರಿಷ್ಠಾಧಿಕಾರಿ ಡಾ.ಬಿ.ಟಿ.ಕವಿತಾ, ಸಮಾಜ ಕಲ್ಯಾಣ ಇಲಾಖೆಯ ಉಪನಿರ್ದೇಶಕ ಮಲ್ಲಿಕಾರ್ಜುನ, ಸಮಿತಿ ಸದಸ್ಯರು ಹಾಗೂ ವಿವಿಧ ಇಲಾಖೆಗಳ ಅಧಿಕಾರಿಗಳು ಹಾಜರಿದ್ದರು.
ಸುಳ್ಳಾಡಿ ಸಂತ್ರಸ್ತರಿಗೆ ಸೌಲಭ್ಯ ನೀಡಿ
ಜಿಲ್ಲಾಧಿಕಾರಿ ಶಿಲ್ಪಾನಾಗ್ ಮಾತನಾಡಿ, ಹನೂರು ತಾಲೂಕಿನ ಸುಳ್ವಾಡಿ ಗ್ರಾಮದಲ್ಲಿ ವಿಷಪ್ರಸಾದ ಸೇವನೆ ಪ್ರಕರಣದ ಸಂತ್ರಸ್ತರಿಗೆ ಸರ್ಕಾರದಿಂದ ಸಿಗಬೇಕಾದ ಎಲ್ಲಾ ಸೌಲಭ್ಯಗಳನ್ನು ತುರ್ತಾಗಿ ಕಲ್ಪಿಸಬೇಕು. ಸುಳ್ವಾಡಿ ಪ್ರಕರಣದಲ್ಲಿ ಬಾಧಿತರಾದ ಕುಟುಂಬಗಳಿಗೆ ಜೀವನೋಪಾಯಕ್ಕೆ ಅಗತ್ಯ ನೆರವು ನೀಡಬೇಕು ಎಂದು ಅಧಿಕಾರಿಗಳಿಗೆ ಜಿಲ್ಲಾಧಿಕಾರಿ ಸೂಚಿಸಿದರು.
ವೈವಿಧ್ಯಮಯವಾಗಿ ಜಾಗೃತಿ ಮೂಡಿಸಿ
ಸಮಿತಿಯ ಸದಸ್ಯರು ಮಾತನಾಡಿ, ಸರ್ಕಾರ ದೌರ್ಜನ್ಯ ತಡೆ ಕಾಯ್ದೆ ಕುರಿತು ಅರಿವು ಮೂಡಿಸಲು ಬೀದಿ ನಾಟಕ, ಸಂವಾದ, ಕ್ರಾಂತಿಗೀತೆಗಳ ಮೂಲಕ ವೈವಿಧ್ಯಮಯವಾಗಿ ಜಾಗೃತಿ ಮೂಡಿಸಬೇಕು. ಕಲಾತಂಡಗಳನ್ನು ಬಳಸಿಕೊಂಡು ಗ್ರಾಮೀಣ ಭಾಗಗಳಲ್ಲಿ ಕಾಯ್ದೆಯ ಬಗ್ಗೆ ಹೆಚ್ಚು ಪ್ರಚಾರ ನಡೆಸಬೇಕು ಎಂದರು.
ಶಾಲಾ ಪ್ರಾರಂಭೋತ್ಸವ
ಚಾಮರಾಜನಗರ: ತಾಲೂಕಿನ ಕಾಡಹಳ್ಳಿ ಸರ್ಕಾರಿ ಹಿರಿಯ ಪ್ರಾಥಮಿಕ ಶಾಲೆಯಲ್ಲಿ ಶಾಲಾ ಪ್ರಾರಂಭೋತ್ಸವ ನಡೆಯಿತು. ಅಕ್ಷರ ಕಲಿಕೆಗೆ ಮಕ್ಕಳನ್ನು ಶಿಕ್ಷಕರು ಹೂ ನೀಡಿ, ಸಿಹಿ ಹಂಚಿ ಸ್ವಾಗತಿಸಲಾಯಿತು. ಶಾಲಾ ಪ್ರಾರಂಭೋತ್ಸವ ಅಂಗವಾಗಿ ಶಾಲೆಯನ್ನು ಸ್ವಚ್ಛಗೊಳಿಸಿ, ತಳಿರು ತೋರಣ ಕಟ್ಟಿ, ರಂಗೋಲಿ ಹಾಕಿ ಸಿಂಗರಿಸಲಾಗಿತ್ತು. ಈ ಸಂದರ್ಭದಲ್ಲಿ ಶಾಲಾ ದಾಖಲಾತಿ ಆಂದೋಲನ ನಡೆಸಲಾಯಿತು. ಶಿಕ್ಷಕರು ಸರ್ಕಾರಿ ಶಾಲೆಯ ಸೌಲಭ್ಯಗಳ ಬಗ್ಗೆ ಪೋಷಕರಿಗೆ ಮಾಹಿತಿ ನೀಡಿದರು. ಎಸ್ಡಿಎಂಸಿ ಅಧ್ಯಕ್ಷ ಮಹದೇವಸ್ವಾಮಿ, ಮುಖ್ಯಶಿಕ್ಷಕ ಶಿವಕುಮಾರ್, ಶಿಕ್ಷಕರಾದ ಪುಷ್ಪಲತಾ, ಶಿವಸ್ವಾಮಿ, ಮಂಜುಳ, ರಕ್ಷಿತಾ ಹಾಗೂ ಪೋಷಕರು, ಗ್ರಾಮಸ್ಥರು ಹಾಜರಿದ್ದರು.
